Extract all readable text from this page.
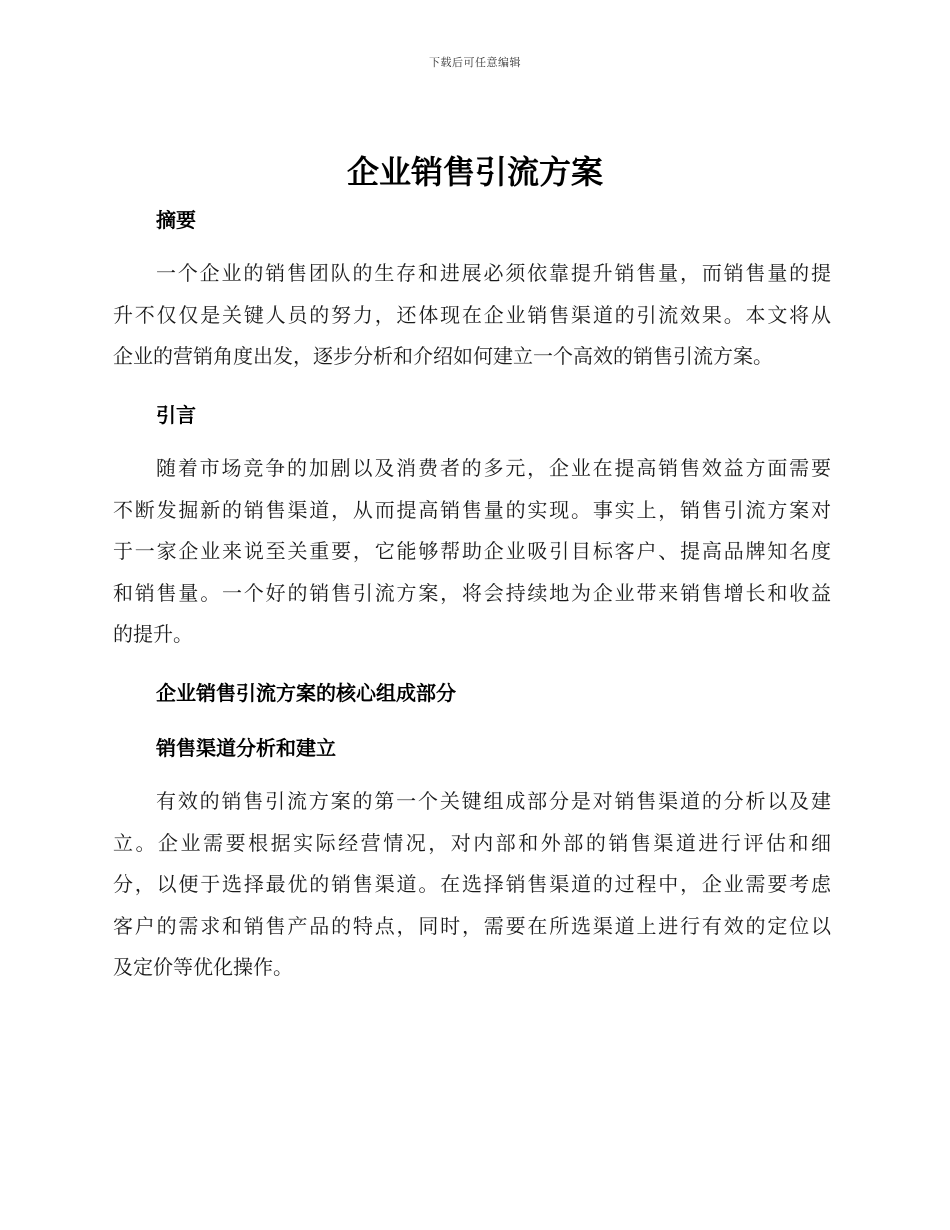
下载后可任意编辑
企业销售引流方案
摘要
一个企业的销售团队的生存和进展必须依靠提升销售量，而销售量的提
升不仅仅是关键人员的努力，还体现在企业销售渠道的引流效果。本文将从
企业的营销角度出发，逐步分析和介绍如何建立一个高效的销售引流方案。
引言
随着市场竞争的加剧以及消费者的多元，企业在提高销售效益方面需要
不断发掘新的销售渠道，从而提高销售量的实现。事实上，销售引流方案对
于一家企业来说至关重要，它能够帮助企业吸引目标客户、提高品牌知名度
和销售量。一个好的销售引流方案，将会持续地为企业带来销售增长和收益
的提升。
企业销售引流方案的核心组成部分
销售渠道分析和建立
有效的销售引流方案的第一个关键组成部分是对销售渠道的分析以及建
立。企业需要根据实际经营情况，对内部和外部的销售渠道进行评估和细
分，以便于选择最优的销售渠道。在选择销售渠道的过程中，企业需要考虑
客户的需求和销售产品的特点，同时，需要在所选渠道上进行有效的定位以
及定价等优化操作。
